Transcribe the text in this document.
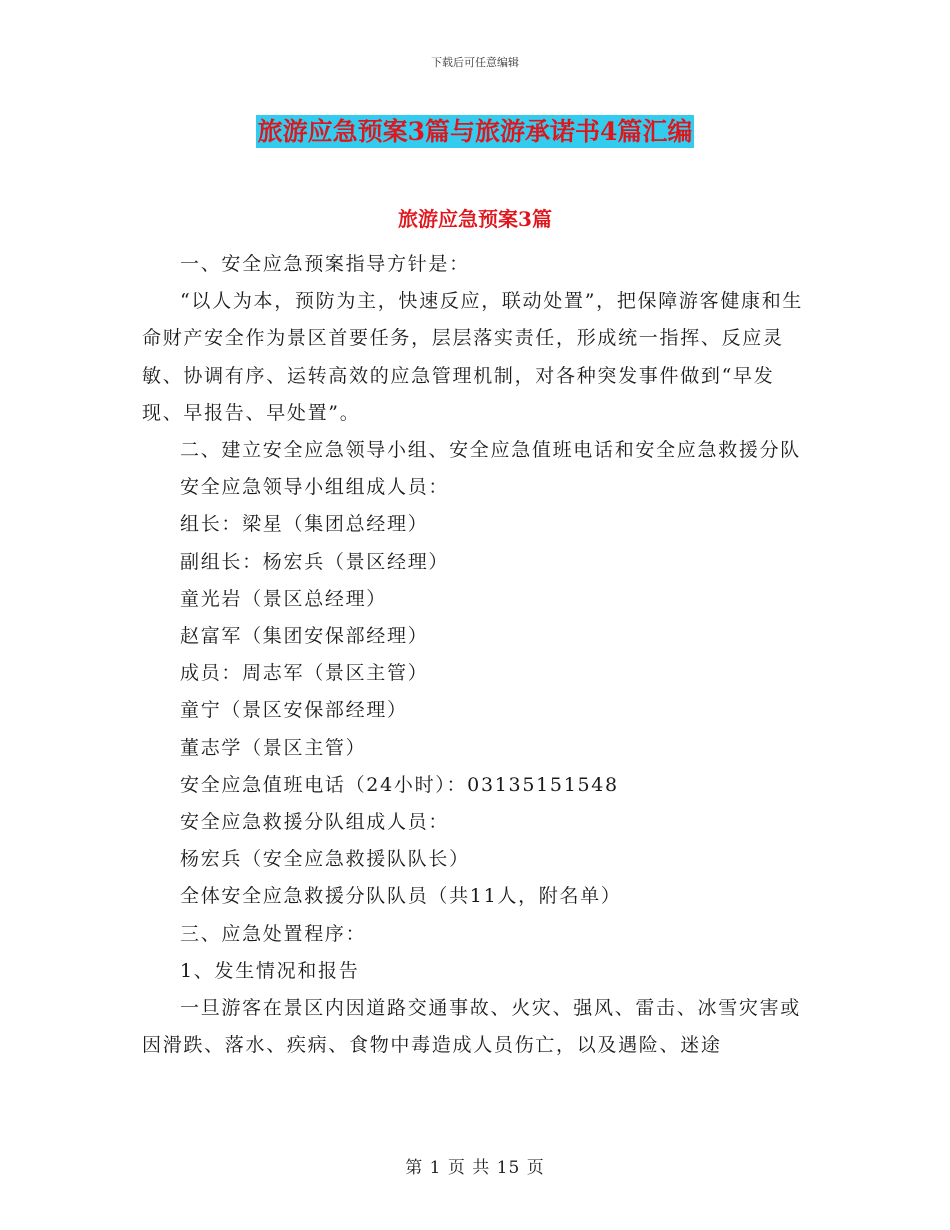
下载后可任意编辑
旅游应急预案3篇与旅游承诺书4篇汇编
旅游应急预案3篇

一、安全应急预案指导方针是：

“以人为本，预防为主，快速反应，联动处置”，把保障游客健康和生命财产安全作为景区首要任务，层层落实责任，形成统一指挥、反应灵敏、协调有序、运转高效的应急管理机制，对各种突发事件做到“早发现、早报告、早处置”。

二、建立安全应急领导小组、安全应急值班电话和安全应急救援分队

安全应急领导小组组成人员：

组长：梁星（集团总经理）

副组长：杨宏兵（景区经理）

童光岩（景区总经理）

赵富军（集团安保部经理）

成员：周志军（景区主管）

童宁（景区安保部经理）

董志学（景区主管）

安全应急值班电话（24小时）：03135151548

安全应急救援分队组成人员：

杨宏兵（安全应急救援队队长）

全体安全应急救援分队队员（共11人，附名单）

三、应急处置程序：

1、发生情况和报告

一旦游客在景区内因道路交通事故、火灾、强风、雷击、冰雪灾害或因滑跌、落水、疾病、食物中毒造成人员伤亡，以及遇险、迷途

第 1 页 共 15 页
